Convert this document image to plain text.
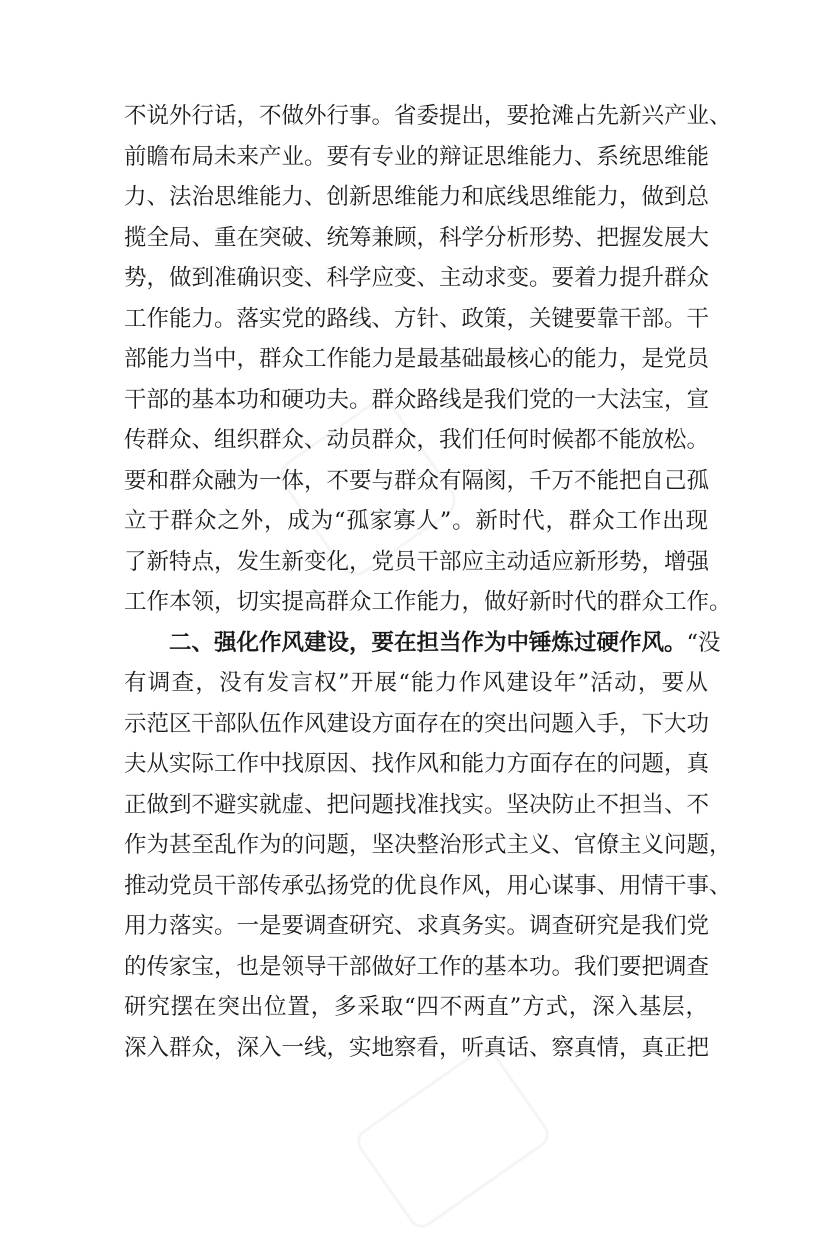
不说外行话，不做外行事。省委提出，要抢滩占先新兴产业、
前瞻布局未来产业。要有专业的辩证思维能力、系统思维能
力、法治思维能力、创新思维能力和底线思维能力，做到总
揽全局、重在突破、统筹兼顾，科学分析形势、把握发展大
势，做到准确识变、科学应变、主动求变。要着力提升群众
工作能力。落实党的路线、方针、政策，关键要靠干部。干
部能力当中，群众工作能力是最基础最核心的能力，是党员
干部的基本功和硬功夫。群众路线是我们党的一大法宝，宣
传群众、组织群众、动员群众，我们任何时候都不能放松。
要和群众融为一体，不要与群众有隔阂，千万不能把自己孤
立于群众之外，成为“孤家寡人”。新时代，群众工作出现
了新特点，发生新变化，党员干部应主动适应新形势，增强
工作本领，切实提高群众工作能力，做好新时代的群众工作。
二、强化作风建设，要在担当作为中锤炼过硬作风。“没
有调查，没有发言权”开展“能力作风建设年”活动，要从
示范区干部队伍作风建设方面存在的突出问题入手，下大功
夫从实际工作中找原因、找作风和能力方面存在的问题，真
正做到不避实就虚、把问题找准找实。坚决防止不担当、不
作为甚至乱作为的问题，坚决整治形式主义、官僚主义问题，
推动党员干部传承弘扬党的优良作风，用心谋事、用情干事、
用力落实。一是要调查研究、求真务实。调查研究是我们党
的传家宝，也是领导干部做好工作的基本功。我们要把调查
研究摆在突出位置，多采取“四不两直”方式，深入基层，
深入群众，深入一线，实地察看，听真话、察真情，真正把
